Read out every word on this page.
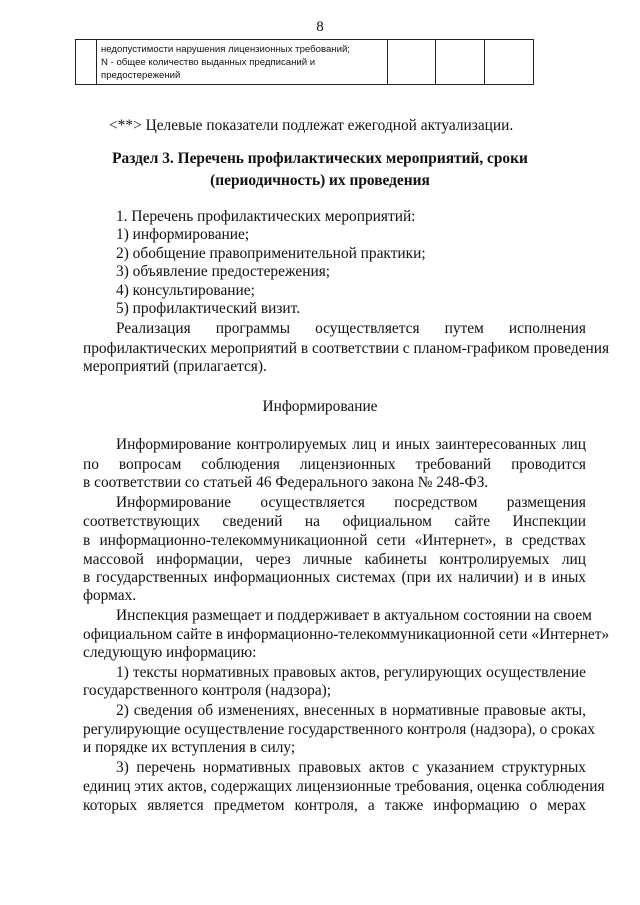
8

недопустимости нарушения лицензионных требований;
N - общее количество выданных предписаний и
предостережений

<**> Целевые показатели подлежат ежегодной актуализации.
Раздел 3. Перечень профилактических мероприятий, сроки
(периодичность) их проведения
1. Перечень профилактических мероприятий:
1) информирование;
2) обобщение правоприменительной практики;
3) объявление предостережения;
4) консультирование;
5) профилактический визит.
Реализация программы осуществляется путем исполнения
профилактических мероприятий в соответствии с планом-графиком проведения
мероприятий (прилагается).
Информирование
Информирование контролируемых лиц и иных заинтересованных лиц
по вопросам соблюдения лицензионных требований проводится
в соответствии со статьей 46 Федерального закона № 248-ФЗ.
Информирование осуществляется посредством размещения
соответствующих сведений на официальном сайте Инспекции
в информационно-телекоммуникационной сети «Интернет», в средствах
массовой информации, через личные кабинеты контролируемых лиц
в государственных информационных системах (при их наличии) и в иных
формах.
Инспекция размещает и поддерживает в актуальном состоянии на своем
официальном сайте в информационно-телекоммуникационной сети «Интернет»
следующую информацию:
1) тексты нормативных правовых актов, регулирующих осуществление
государственного контроля (надзора);
2) сведения об изменениях, внесенных в нормативные правовые акты,
регулирующие осуществление государственного контроля (надзора), о сроках
и порядке их вступления в силу;
3) перечень нормативных правовых актов с указанием структурных
единиц этих актов, содержащих лицензионные требования, оценка соблюдения
которых является предметом контроля, а также информацию о мерах
